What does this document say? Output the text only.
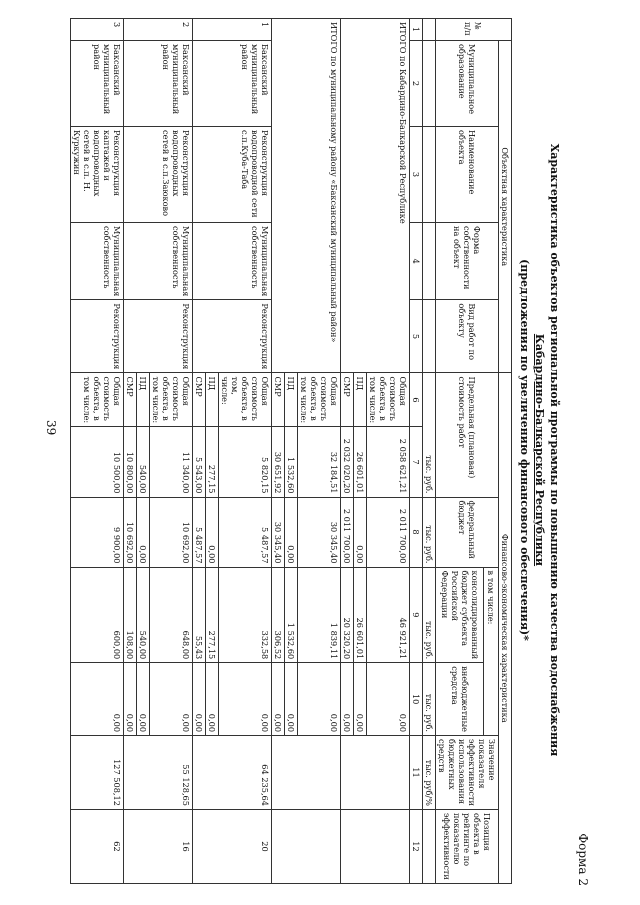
39
Форма 2
Характеристика объектов региональной программы по повышению качества водоснабжения
Кабардино-Балкарской Республики
(предложения по увеличению финансового обеспечения)*
№ п/п	Объектная характеристика				Финансово-экономическая характеристика						
	Муниципальное образование	Наименование объекта	Форма собственности на объект	Вид работ по объекту	Предельная (плановая) стоимость работ		федеральный бюджет	в том числе:		Значение показателя эффективности использования бюджетных средств	Позиция объекта в рейтинге по показателю эффективности
								консолидированный бюджет субъекта Российской Федерации	внебюджетные средства		
					тыс. руб.		тыс. руб.	тыс. руб.	тыс. руб.	тыс. руб/%	
1	2	3	4	5	6	7	8	9	10	11	12
ИТОГО по Кабардино-Балкарской Республике					Общая стоимость объекта, в том числе:	2 058 621,21	2 011 700,00	46 921,21	0,00		
					ПД	26 601,01	0,00	26 601,01	0,00		
					СМР	2 032 020,20	2 011 700,00	20 320,20	0,00		
ИТОГО по муниципальному району «Баксанский муниципальный район»					Общая стоимость объекта, в том числе:	32 184,51	30 345,40	1 839,11	0,00		
					ПД	1 532,60	0,00	1 532,60	0,00		
					СМР	30 651,92	30 345,40	306,52	0,00		
1	Баксанский муниципальный район	Реконструкция водопроводной сети с.п.Куба-Таба	Муниципальная собственность	Реконструкция	Общая стоимость объекта, в том, числе:	5 820,15	5 487,57	332,58	0,00	64 235,64	20
					ПД	277,15	0,00	277,15	0,00		
					СМР	5 543,00	5 487,57	55,43	0,00		
2	Баксанский муниципальный район	Реконструкция водопроводных сетей в с.п.Заюково	Муниципальная собственность	Реконструкция	Общая стоимость объекта, в том числе:	11 340,00	10 692,00	648,00	0,00	55 128,65	16
					ПД	540,00	0,00	540,00	0,00		
					СМР	10 800,00	10 692,00	108,00	0,00		
3	Баксанский муниципальный район	Реконструкция каптажей и водопроводных сетей в с.п. Н. Куркужин	Муниципальная собственность	Реконструкция	Общая стоимость объекта, в том числе:	10 500,00	9 900,00	600,00	0,00	127 508,12	62
